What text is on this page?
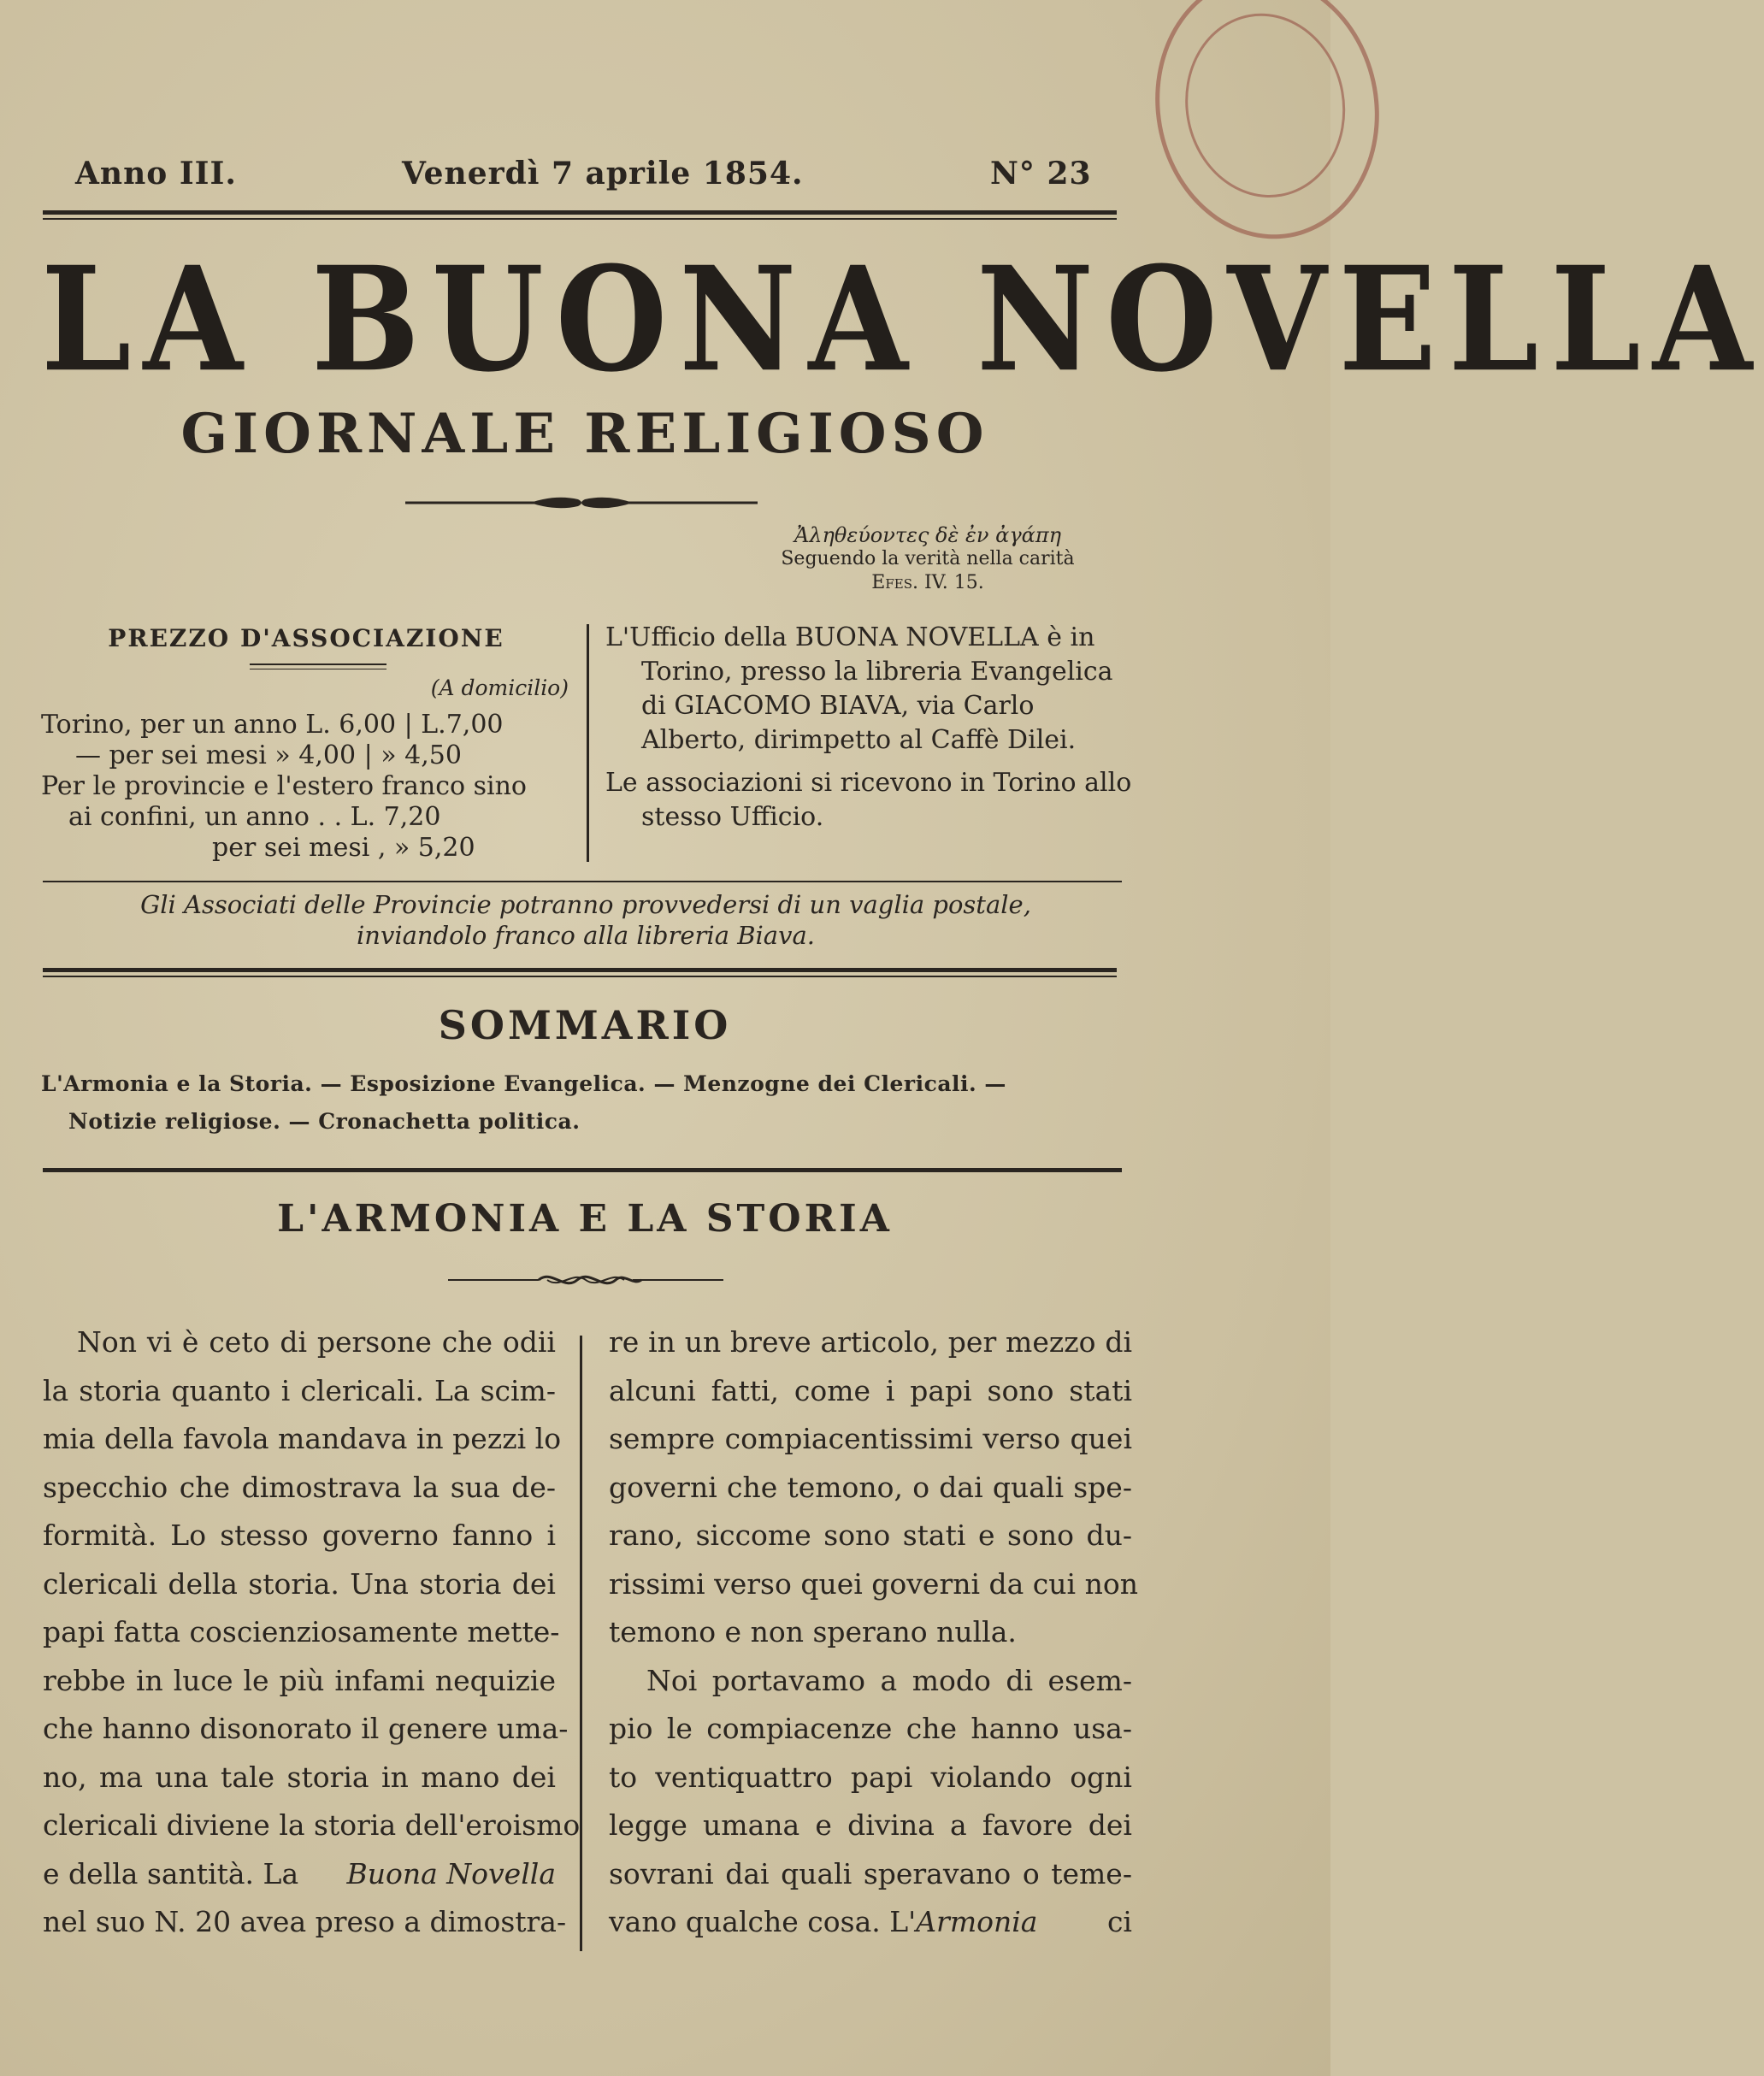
Anno III.	Venerdì 7 aprile 1854.	N° 23
LA BUONA NOVELLA
GIORNALE RELIGIOSO
Ἀληθεύοντες δὲ ἐν ἀγάπη
Seguendo la verità nella carità
Efes. IV. 15.
PREZZO D'ASSOCIAZIONE
(A domicilio)
Torino, per un anno L. 6,00 | L.7,00
— per sei mesi » 4,00 | » 4,50
Per le provincie e l'estero franco sino
ai confini, un anno . . L. 7,20
per sei mesi , » 5,20

L'Ufficio della BUONA NOVELLA è in Torino, presso la libreria Evangelica di GIACOMO BIAVA, via Carlo Alberto, dirimpetto al Caffè Dilei.

Le associazioni si ricevono in Torino allo stesso Ufficio.

Gli Associati delle Provincie potranno provvedersi di un vaglia postale,
inviandolo franco alla libreria Biava.
SOMMARIO
L'Armonia e la Storia. — Esposizione Evangelica. — Menzogne dei Clericali. —
Notizie religiose. — Cronachetta politica.
L'ARMONIA E LA STORIA
Non vi è ceto di persone che odii
la storia quanto i clericali. La scim-
mia della favola mandava in pezzi lo
specchio che dimostrava la sua de-
formità. Lo stesso governo fanno i
clericali della storia. Una storia dei
papi fatta coscienziosamente mette-
rebbe in luce le più infami nequizie
che hanno disonorato il genere uma-
no, ma una tale storia in mano dei
clericali diviene la storia dell'eroismo
e della santità. La Buona Novella
nel suo N. 20 avea preso a dimostra-
re in un breve articolo, per mezzo di
alcuni fatti, come i papi sono stati
sempre compiacentissimi verso quei
governi che temono, o dai quali spe-
rano, siccome sono stati e sono du-
rissimi verso quei governi da cui non
temono e non sperano nulla.
Noi portavamo a modo di esem-
pio le compiacenze che hanno usa-
to ventiquattro papi violando ogni
legge umana e divina a favore dei
sovrani dai quali speravano o teme-
vano qualche cosa. L'Armonia ci
